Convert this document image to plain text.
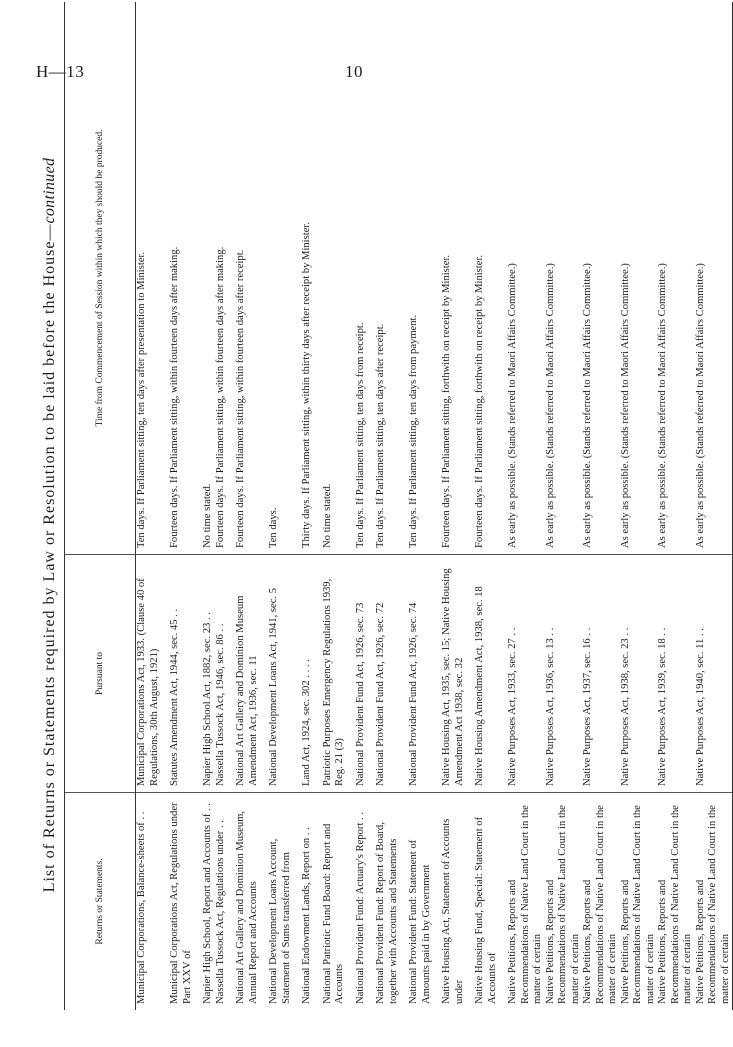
H—13	10
List of Returns or Statements required by Law or Resolution to be laid before the House—continued
Returns or Statements.	Pursuant to	Time from Commencement of Session within which they should be produced.
Municipal Corporations, Balance-sheets of . .	Municipal Corporations Act, 1933. (Clause 40 of Regulations, 30th August, 1921)	Ten days. If Parliament sitting, ten days after presentation to Minister.
Municipal Corporations Act, Regulations under Part XXV of	Statutes Amendment Act, 1944, sec. 45 . .	Fourteen days. If Parliament sitting, within fourteen days after making.
Napier High School, Report and Accounts of . .	Napier High School Act, 1882, sec. 23 . .	No time stated.
Nassella Tussock Act, Regulations under . .	Nassella Tussock Act, 1946, sec. 86 . .	Fourteen days. If Parliament sitting, within fourteen days after making.
National Art Gallery and Dominion Museum, Annual Report and Accounts	National Art Gallery and Dominion Museum Amendment Act, 1936, sec. 11	Fourteen days. If Parliament sitting, within fourteen days after receipt.
National Development Loans Account, Statement of Sums transferred from	National Development Loans Act, 1941, sec. 5	Ten days.
National Endowment Lands, Report on . .	Land Act, 1924, sec. 302 . . . .	Thirty days. If Parliament sitting, within thirty days after receipt by Minister.
National Patriotic Fund Board: Report and Accounts	Patriotic Purposes Emergency Regulations 1939, Reg. 21 (3)	No time stated.
National Provident Fund: Actuary's Report . .	National Provident Fund Act, 1926, sec. 73	Ten days. If Parliament sitting, ten days from receipt.
National Provident Fund: Report of Board, together with Accounts and Statements	National Provident Fund Act, 1926, sec. 72	Ten days. If Parliament sitting, ten days after receipt.
National Provident Fund: Statement of Amounts paid in by Government	National Provident Fund Act, 1926, sec. 74	Ten days. If Parliament sitting, ten days from payment.
Native Housing Act, Statement of Accounts under	Native Housing Act, 1935, sec. 15; Native Housing Amendment Act 1938, sec. 32	Fourteen days. If Parliament sitting, forthwith on receipt by Minister.
Native Housing Fund, Special: Statement of Accounts of	Native Housing Amendment Act, 1938, sec. 18	Fourteen days. If Parliament sitting, forthwith on receipt by Minister.
Native Petitions, Reports and Recommendations of Native Land Court in the matter of certain	Native Purposes Act, 1933, sec. 27 . .	As early as possible. (Stands referred to Maori Affairs Committee.)
Native Petitions, Reports and Recommendations of Native Land Court in the matter of certain	Native Purposes Act, 1936, sec. 13 . .	As early as possible. (Stands referred to Maori Affairs Committee.)
Native Petitions, Reports and Recommendations of Native Land Court in the matter of certain	Native Purposes Act, 1937, sec. 16 . .	As early as possible. (Stands referred to Maori Affairs Committee.)
Native Petitions, Reports and Recommendations of Native Land Court in the matter of certain	Native Purposes Act, 1938, sec. 23 . .	As early as possible. (Stands referred to Maori Affairs Committee.)
Native Petitions, Reports and Recommendations of Native Land Court in the matter of certain	Native Purposes Act, 1939, sec. 18 . .	As early as possible. (Stands referred to Maori Affairs Committee.)
Native Petitions, Reports and Recommendations of Native Land Court in the matter of certain	Native Purposes Act, 1940, sec. 11 . .	As early as possible. (Stands referred to Maori Affairs Committee.)
